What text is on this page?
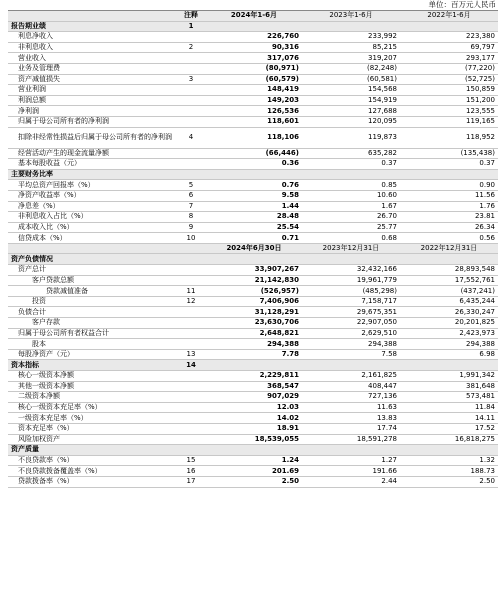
单位：百万元人民币
	注释	2024年1-6月	2023年1-6月	2022年1-6月
报告期业绩	1			
利息净收入		226,760	233,992	223,380
非利息收入	2	90,316	85,215	69,797
营业收入		317,076	319,207	293,177
业务及管理费		(80,971)	(82,248)	(77,220)
资产减值损失	3	(60,579)	(60,581)	(52,725)
营业利润		148,419	154,568	150,859
利润总额		149,203	154,919	151,200
净利润		126,536	127,688	123,555
归属于母公司所有者的净利润		118,601	120,095	119,165
扣除非经常性损益后归属于母公司所有者的净利润	4	118,106	119,873	118,952
经营活动产生的现金流量净额		(66,446)	635,282	(135,438)
基本每股收益（元）		0.36	0.37	0.37
主要财务比率				
平均总资产回报率（%）	5	0.76	0.85	0.90
净资产收益率（%）	6	9.58	10.60	11.56
净息差（%）	7	1.44	1.67	1.76
非利息收入占比（%）	8	28.48	26.70	23.81
成本收入比（%）	9	25.54	25.77	26.34
信贷成本（%）	10	0.71	0.68	0.56
		2024年6月30日	2023年12月31日	2022年12月31日
资产负债情况				
资产总计		33,907,267	32,432,166	28,893,548
客户贷款总额		21,142,830	19,961,779	17,552,761
贷款减值准备	11	(526,957)	(485,298)	(437,241)
投资	12	7,406,906	7,158,717	6,435,244
负债合计		31,128,291	29,675,351	26,330,247
客户存款		23,630,706	22,907,050	20,201,825
归属于母公司所有者权益合计		2,648,821	2,629,510	2,423,973
股本		294,388	294,388	294,388
每股净资产（元）	13	7.78	7.58	6.98
资本指标	14			
核心一级资本净额		2,229,811	2,161,825	1,991,342
其他一级资本净额		368,547	408,447	381,648
二级资本净额		907,029	727,136	573,481
核心一级资本充足率（%）		12.03	11.63	11.84
一级资本充足率（%）		14.02	13.83	14.11
资本充足率（%）		18.91	17.74	17.52
风险加权资产		18,539,055	18,591,278	16,818,275
资产质量				
不良贷款率（%）	15	1.24	1.27	1.32
不良贷款拨备覆盖率（%）	16	201.69	191.66	188.73
贷款拨备率（%）	17	2.50	2.44	2.50
